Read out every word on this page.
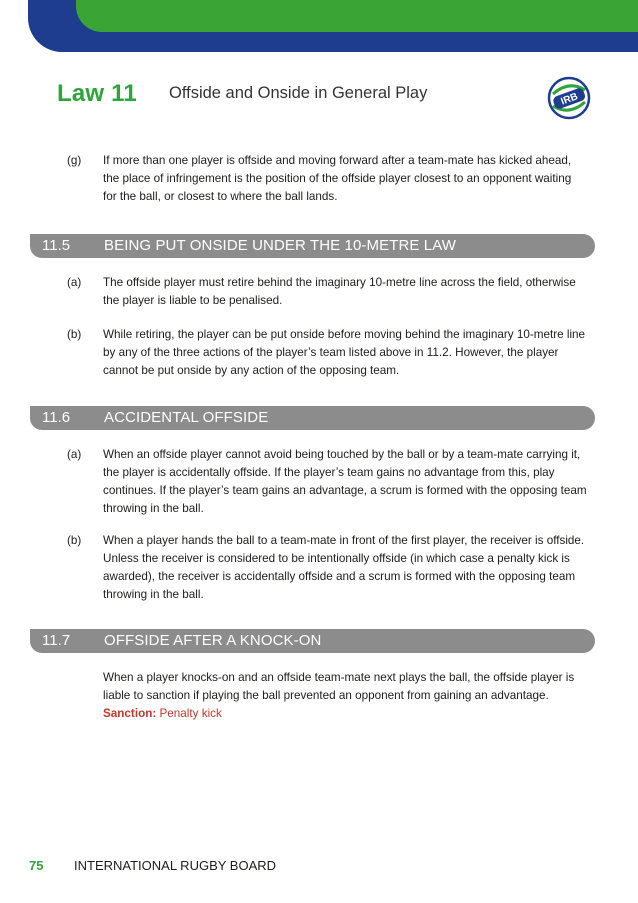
Law 11 Offside and Onside in General Play	IRB
(g) If more than one player is offside and moving forward after a team-mate has kicked ahead, the place of infringement is the position of the offside player closest to an opponent waiting for the ball, or closest to where the ball lands.
11.5 BEING PUT ONSIDE UNDER THE 10-METRE LAW
(a) The offside player must retire behind the imaginary 10-metre line across the field, otherwise the player is liable to be penalised.
(b) While retiring, the player can be put onside before moving behind the imaginary 10-metre line by any of the three actions of the player’s team listed above in 11.2. However, the player cannot be put onside by any action of the opposing team.
11.6 ACCIDENTAL OFFSIDE
(a) When an offside player cannot avoid being touched by the ball or by a team-mate carrying it, the player is accidentally offside. If the player’s team gains no advantage from this, play continues. If the player’s team gains an advantage, a scrum is formed with the opposing team throwing in the ball.
(b) When a player hands the ball to a team-mate in front of the first player, the receiver is offside. Unless the receiver is considered to be intentionally offside (in which case a penalty kick is awarded), the receiver is accidentally offside and a scrum is formed with the opposing team throwing in the ball.
11.7 OFFSIDE AFTER A KNOCK-ON
When a player knocks-on and an offside team-mate next plays the ball, the offside player is liable to sanction if playing the ball prevented an opponent from gaining an advantage.
Sanction: Penalty kick
75 INTERNATIONAL RUGBY BOARD
